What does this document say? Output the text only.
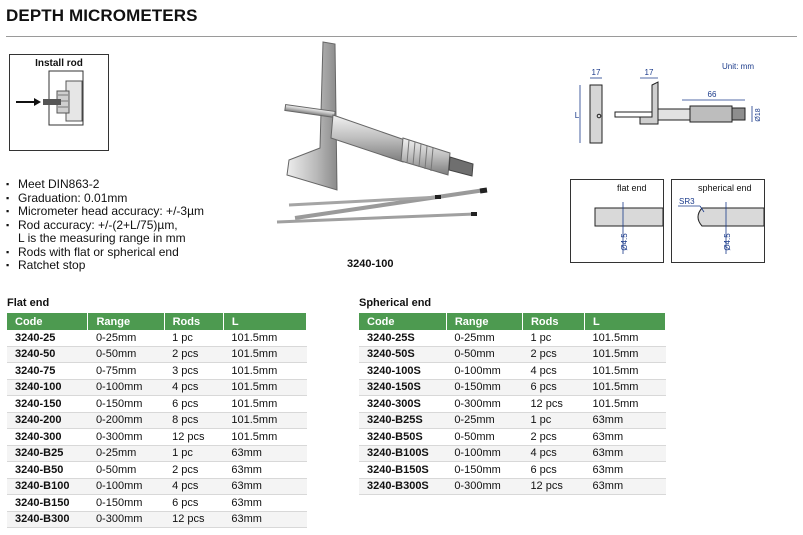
DEPTH MICROMETERS
Install rod
▪ Meet DIN863-2
▪ Graduation: 0.01mm
▪ Micrometer head accuracy: +/-3µm
▪ Rod accuracy: +/-(2+L/75)µm,
L is the measuring range in mm
▪ Rods with flat or spherical end
▪ Ratchet stop	3240-100
Unit: mm
17	17
66
L	Ø18
flat end
Ø4.5
spherical end
SR3
Ø4.5
Flat end
Code	Range	Rods	L
3240-25	0-25mm	1 pc	101.5mm
3240-50	0-50mm	2 pcs	101.5mm
3240-75	0-75mm	3 pcs	101.5mm
3240-100	0-100mm	4 pcs	101.5mm
3240-150	0-150mm	6 pcs	101.5mm
3240-200	0-200mm	8 pcs	101.5mm
3240-300	0-300mm	12 pcs	101.5mm
3240-B25	0-25mm	1 pc	63mm
3240-B50	0-50mm	2 pcs	63mm
3240-B100	0-100mm	4 pcs	63mm
3240-B150	0-150mm	6 pcs	63mm
3240-B300	0-300mm	12 pcs	63mm
Spherical end
Code	Range	Rods	L
3240-25S	0-25mm	1 pc	101.5mm
3240-50S	0-50mm	2 pcs	101.5mm
3240-100S	0-100mm	4 pcs	101.5mm
3240-150S	0-150mm	6 pcs	101.5mm
3240-300S	0-300mm	12 pcs	101.5mm
3240-B25S	0-25mm	1 pc	63mm
3240-B50S	0-50mm	2 pcs	63mm
3240-B100S	0-100mm	4 pcs	63mm
3240-B150S	0-150mm	6 pcs	63mm
3240-B300S	0-300mm	12 pcs	63mm
